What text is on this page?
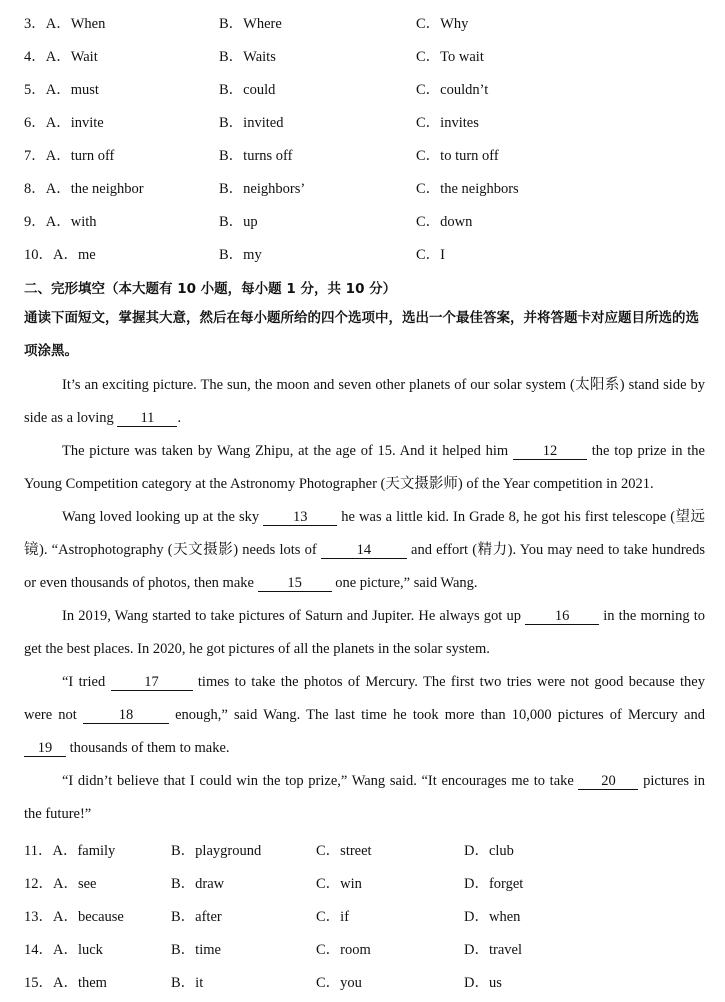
3．A．When	B．Where	C．Why
4．A．Wait	B．Waits	C．To wait
5．A．must	B．could	C．couldn’t
6．A．invite	B．invited	C．invites
7．A．turn off	B．turns off	C．to turn off
8．A．the neighbor	B．neighbors’	C．the neighbors
9．A．with	B．up	C．down
10．A．me	B．my	C．I
二、完形填空（本大题有 10 小题，每小题 1 分，共 10 分）
通读下面短文，掌握其大意，然后在每小题所给的四个选项中，选出一个最佳答案，并将答题卡对应题目所选的选项涂黑。
It’s an exciting picture. The sun, the moon and seven other planets of our solar system (太阳系) stand side by side as a loving 11 .
The picture was taken by Wang Zhipu, at the age of 15. And it helped him 12 the top prize in the Young Competition category at the Astronomy Photographer (天文摄影师) of the Year competition in 2021.
Wang loved looking up at the sky 13 he was a little kid. In Grade 8, he got his first telescope (望远镜). “Astrophotography (天文摄影) needs lots of 14 and effort (精力). You may need to take hundreds or even thousands of photos, then make 15 one picture,” said Wang.
In 2019, Wang started to take pictures of Saturn and Jupiter. He always got up 16 in the morning to get the best places. In 2020, he got pictures of all the planets in the solar system.
“I tried 17 times to take the photos of Mercury. The first two tries were not good because they were not 18 enough,” said Wang. The last time he took more than 10,000 pictures of Mercury and 19 thousands of them to make.
“I didn’t believe that I could win the top prize,” Wang said. “It encourages me to take 20 pictures in the future!”
11．A．family	B．playground	C．street	D．club
12．A．see	B．draw	C．win	D．forget
13．A．because	B．after	C．if	D．when
14．A．luck	B．time	C．room	D．travel
15．A．them	B．it	C．you	D．us
